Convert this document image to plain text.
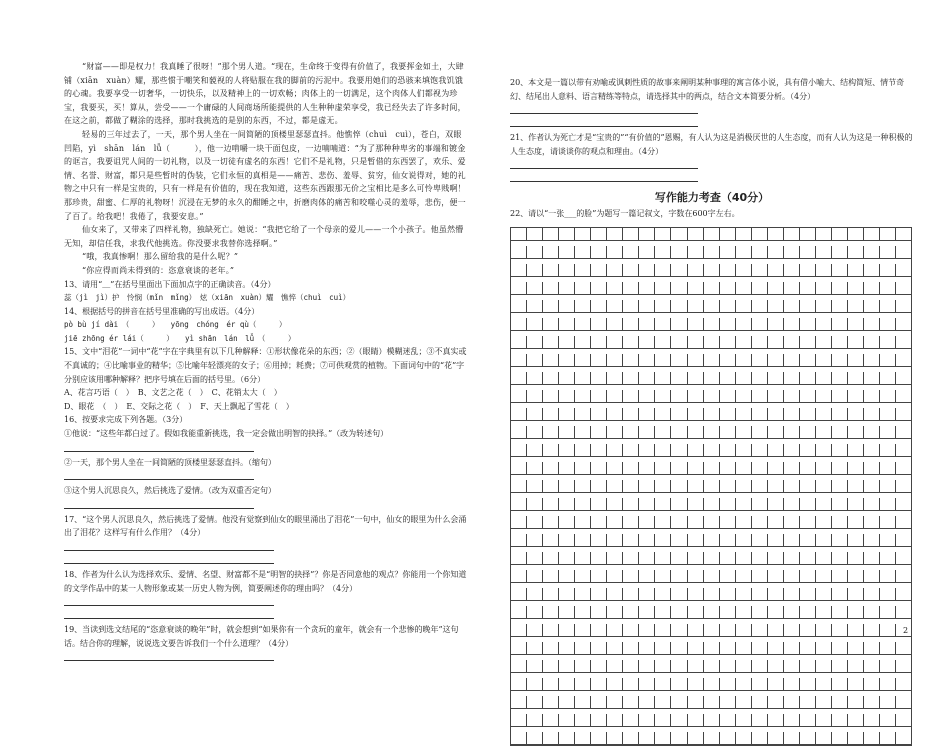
“财富——即是权力！我真睡了很呀！”那个男人道。“现在，生命终于变得有价值了，我要挥金如土，大肆铺（xiān　xuàn）耀，那些惯于嘲笑和藐视的人将贴服在我的脚前的污泥中。我要用她们的恐骇来填饱我饥饿的心魂。我要享受一切奢华，一切快乐，以及精神上的一切欢畅；肉体上的一切满足，这个肉体人们都视为珍宝，我要买，买！算从，尝受——一个庸碌的人间商场所能提供的人生种种虚荣享受，我已经失去了许多时间，在这之前，都做了糊涂的选择，那时我挑选的是别的东西，不过，都是虚无。

轻易的三年过去了，一天，那个男人坐在一间简陋的顶楼里瑟瑟直抖。他憔悴（chuì　cuì），苍白，双眼凹陷，yì　shān　lán　lǚ（　　　），他一边啃嚼一块干面包皮，一边喃喃道：“为了那种种卑劣的事端和镀金的诓言，我要诅咒人间的一切礼物，以及一切徒有虚名的东西！它们不是礼物，只是暂借的东西罢了，欢乐、爱情、名誉、财富，都只是些暂时的伪装，它们永恒的真相是——痛苦、悲伤、羞辱、贫穷，仙女说得对，她的礼物之中只有一样是宝贵的，只有一样是有价值的，现在我知道，这些东西跟那无价之宝相比是多么可怜卑贱啊！那珍贵，甜蜜、仁厚的礼物呀！沉浸在无梦的永久的酣睡之中，折磨肉体的痛苦和咬噬心灵的羞辱，悲伤，便一了百了。给我吧！我倦了，我要安息。”

仙女来了，又带来了四样礼物，独缺死亡。她说：“我把它给了一个母亲的爱儿——一个小孩子。他虽然懵无知，却信任我，求我代他挑选。你没要求我替你选择啊。”

“哦，我真惨啊！那么留给我的是什么呢？”

“你应得而尚未得到的：恣意衰谈的老年。”

13、请用“＿”在括号里面出下面加点字的正确读音。（4分）

蕊（jì　jì）护　怜悯（mǐn　mǐng）　炫（xiān　xuàn）耀　憔悴（chuì　cuì）

14、根据括号的拼音在括号里准确的写出成语。（4分）

pò bù jí dài　（　　　）　　yōng　chóng　ér qù（　　　）

jiē zhōng ér lái（　　　）　　yì shān　lán　lǚ　（　　　）

15、文中“泪花”一词中“花”字在字典里有以下几种解释：①形状像花朵的东西；②（眼睛）模糊迷乱；③不真实或不真诚的；④比喻事业的精华；⑤比喻年轻漂亮的女子；⑥用掉；耗费；⑦可供观赏的植物。下面词句中的“花”字分别应该用哪种解释？把序号填在后面的括号里。（6分）

A、花言巧语（　）　B、文艺之花（　）　C、花销太大（　）

D、眼花　（　）　E、交际之花（　）　F、天上飘起了雪花（　）

16、按要求完成下列各题。（3分）

①他说：“这些年都白过了。假如我能重新挑选，我一定会做出明智的抉择。”（改为转述句）

②一天，那个男人坐在一间简陋的顶楼里瑟瑟直抖。（缩句）

③这个男人沉思良久，然后挑选了爱情。（改为双重否定句）

17、“这个男人沉思良久，然后挑选了爱情。他没有觉察到仙女的眼里涌出了泪花”一句中，仙女的眼里为什么会涌出了泪花？这样写有什么作用？（4分）

18、作者为什么认为选择欢乐、爱情、名望、财富都不是“明智的抉择”？你是否同意他的观点？你能用一个你知道的文学作品中的某一人物形象或某一历史人物为例，简要阐述你的理由吗？（4分）

19、当读到选文结尾的“恣意衰谈的晚年”时，就会想到“如果你有一个贪玩的童年，就会有一个悲惨的晚年”这句话。结合你的理解，说说选文要告诉我们一个什么道理？（4分）

20、本文是一篇以带有劝喻或讽刺性质的故事来阐明某种事理的寓言体小说，具有借小喻大、结构简短、情节奇幻、结尾出人意料、语言精练等特点，请选择其中的两点，结合文本简要分析。（4分）

21、作者认为死亡才是“宝贵的”“有价值的”恩赐，有人认为这是消极厌世的人生态度，而有人认为这是一种积极的人生态度，请谈谈你的观点和理由。（4分）

写作能力考查（40分）

22、请以“一张___的脸”为题写一篇记叙文，字数在600字左右。

2
